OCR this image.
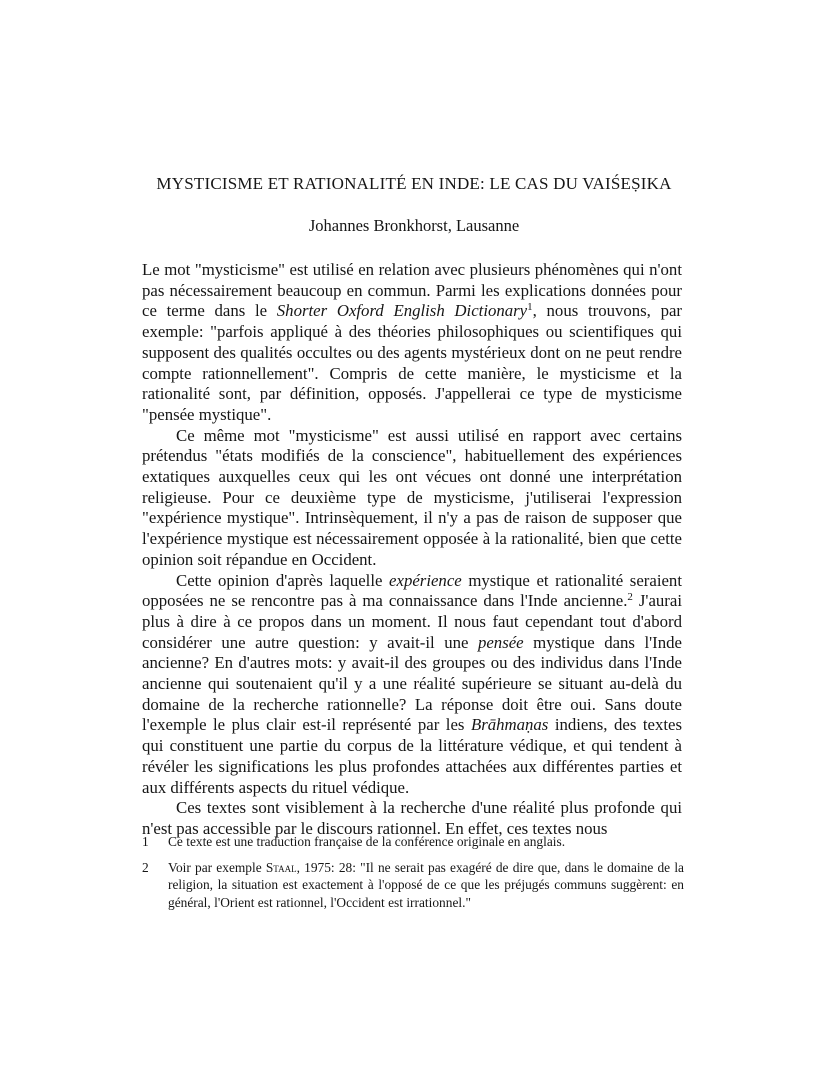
MYSTICISME ET RATIONALITÉ EN INDE: LE CAS DU VAIŚEṢIKA
Johannes Bronkhorst, Lausanne

Le mot "mysticisme" est utilisé en relation avec plusieurs phénomènes qui n'ont pas nécessairement beaucoup en commun. Parmi les explications données pour ce terme dans le Shorter Oxford English Dictionary$^1$, nous trouvons, par exemple: "parfois appliqué à des théories philosophiques ou scientifiques qui supposent des qualités occultes ou des agents mystérieux dont on ne peut rendre compte rationnellement". Compris de cette manière, le mysticisme et la rationalité sont, par définition, opposés. J'appellerai ce type de mysticisme "pensée mystique".

Ce même mot "mysticisme" est aussi utilisé en rapport avec certains prétendus "états modifiés de la conscience", habituellement des expériences extatiques auxquelles ceux qui les ont vécues ont donné une interprétation religieuse. Pour ce deuxième type de mysticisme, j'utiliserai l'expression "expérience mystique". Intrinsèquement, il n'y a pas de raison de supposer que l'expérience mystique est nécessairement opposée à la rationalité, bien que cette opinion soit répandue en Occident.

Cette opinion d'après laquelle expérience mystique et rationalité seraient opposées ne se rencontre pas à ma connaissance dans l'Inde ancienne.$^2$ J'aurai plus à dire à ce propos dans un moment. Il nous faut cependant tout d'abord considérer une autre question: y avait-il une pensée mystique dans l'Inde ancienne? En d'autres mots: y avait-il des groupes ou des individus dans l'Inde ancienne qui soutenaient qu'il y a une réalité supérieure se situant au-delà du domaine de la recherche rationnelle? La réponse doit être oui. Sans doute l'exemple le plus clair est-il représenté par les Brāhmaṇas indiens, des textes qui constituent une partie du corpus de la littérature védique, et qui tendent à révéler les significations les plus profondes attachées aux différentes parties et aux différents aspects du rituel védique.

Ces textes sont visiblement à la recherche d'une réalité plus profonde qui n'est pas accessible par le discours rationnel. En effet, ces textes nous

1	Ce texte est une traduction française de la conférence originale en anglais.
2	Voir par exemple Staal, 1975: 28: "Il ne serait pas exagéré de dire que, dans le domaine de la religion, la situation est exactement à l'opposé de ce que les préjugés communs suggèrent: en général, l'Orient est rationnel, l'Occident est irrationnel."
